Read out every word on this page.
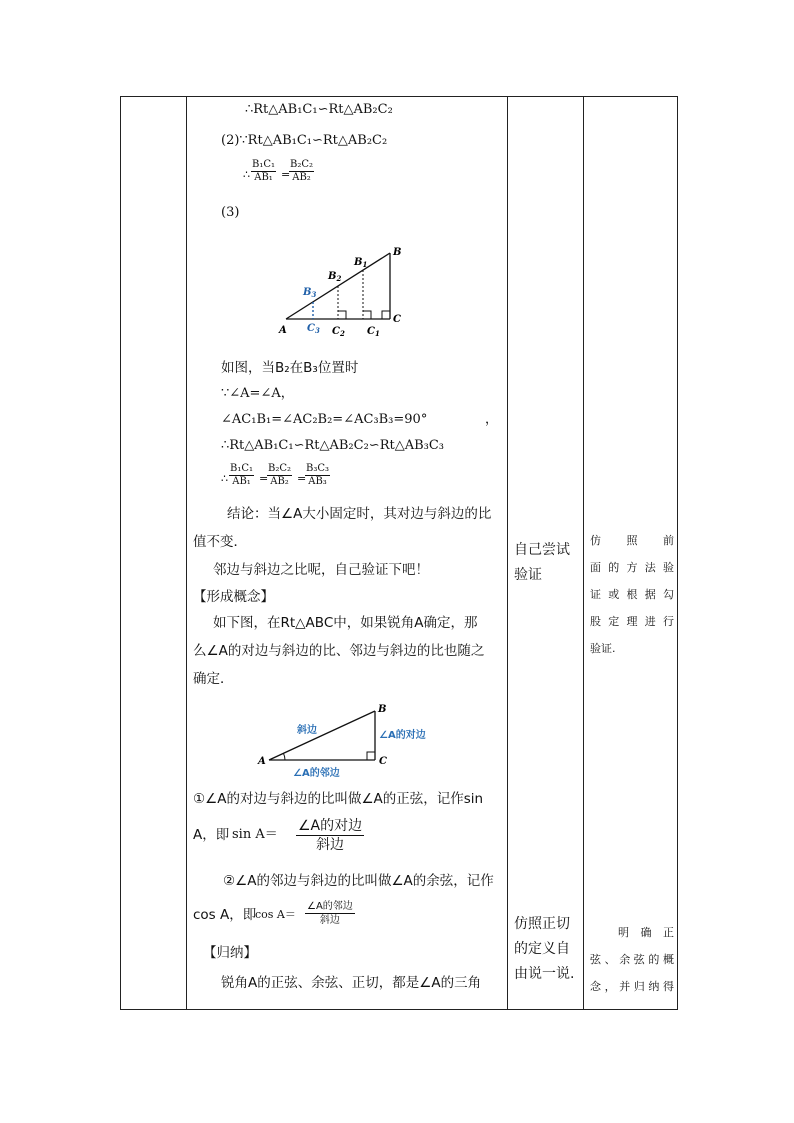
∴Rt△AB₁C₁∽Rt△AB₂C₂
(2)∵Rt△AB₁C₁∽Rt△AB₂C₂
∴ $\frac{\text{B₁C₁}}{\text{AB₁}}$ =
$\frac{\text{B₂C₂}}{\text{AB₂}}$
(3)
A
B
C
$B_1$
$B_2$
$B_3$
$C_1$
$C_2$
$C_3$
如图，当B₂在B₃位置时
∵∠A=∠A，
∠AC₁B₁=∠AC₂B₂=∠AC₃B₃=90°	，
∴Rt△AB₁C₁∽Rt△AB₂C₂∽Rt△AB₃C₃
∴ $\frac{\text{B₁C₁}}{\text{AB₁}}$ =
$\frac{\text{B₂C₂}}{\text{AB₂}}$ =
$\frac{\text{B₃C₃}}{\text{AB₃}}$
结论：当∠A大小固定时，其对边与斜边的比
值不变．
邻边与斜边之比呢，自己验证下吧！
【形成概念】
如下图，在Rt△ABC中，如果锐角A确定，那
么∠A的对边与斜边的比、邻边与斜边的比也随之
确定．
A
B
C
斜边	∠A的对边
∠A的邻边
①∠A的对边与斜边的比叫做∠A的正弦，记作sin
A，即 sin A＝
∠A的对边
斜边
②∠A的邻边与斜边的比叫做∠A的余弦，记作
cos A，即
cos A＝
∠A的邻边
斜边
【归纳】
锐角A的正弦、余弦、正切，都是∠A的三角
自己尝试
验证
仿照正切
的定义自
由说一说.
仿　照　前
面的方法验
证或根据勾
股定理进行
验证.
明　确　正
弦、余弦的概
念，并归纳得
